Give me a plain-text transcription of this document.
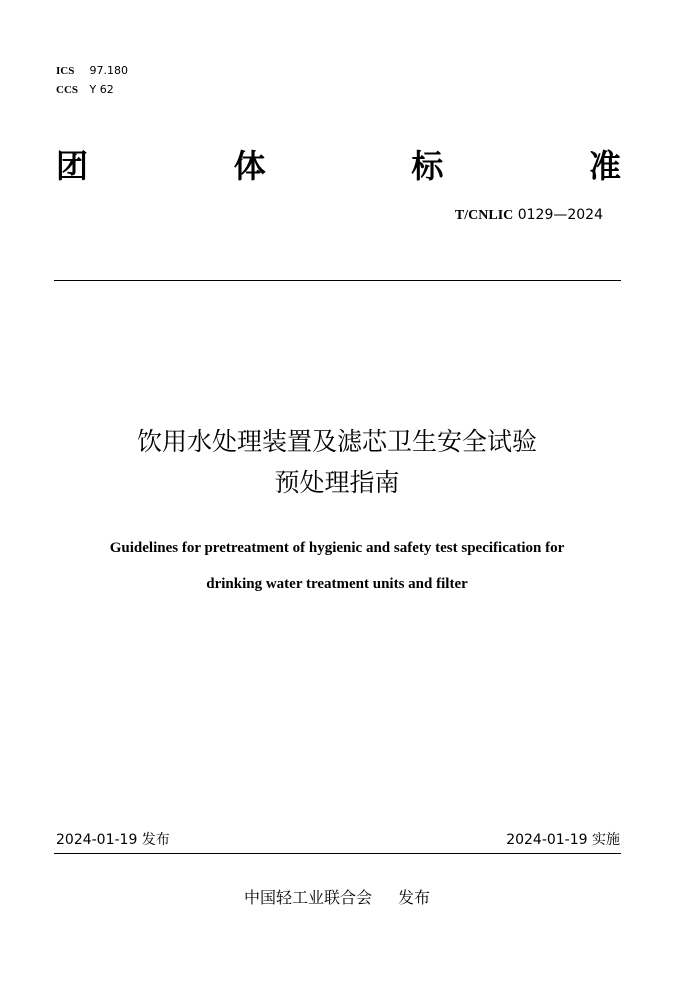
ICS 97.180
CCS Y 62
团	体	标	准
T/CNLIC 0129—2024
饮用水处理装置及滤芯卫生安全试验
预处理指南
Guidelines for pretreatment of hygienic and safety test specification for
drinking water treatment units and filter
2024-01-19 发布	2024-01-19 实施
中国轻工业联合会 发布
